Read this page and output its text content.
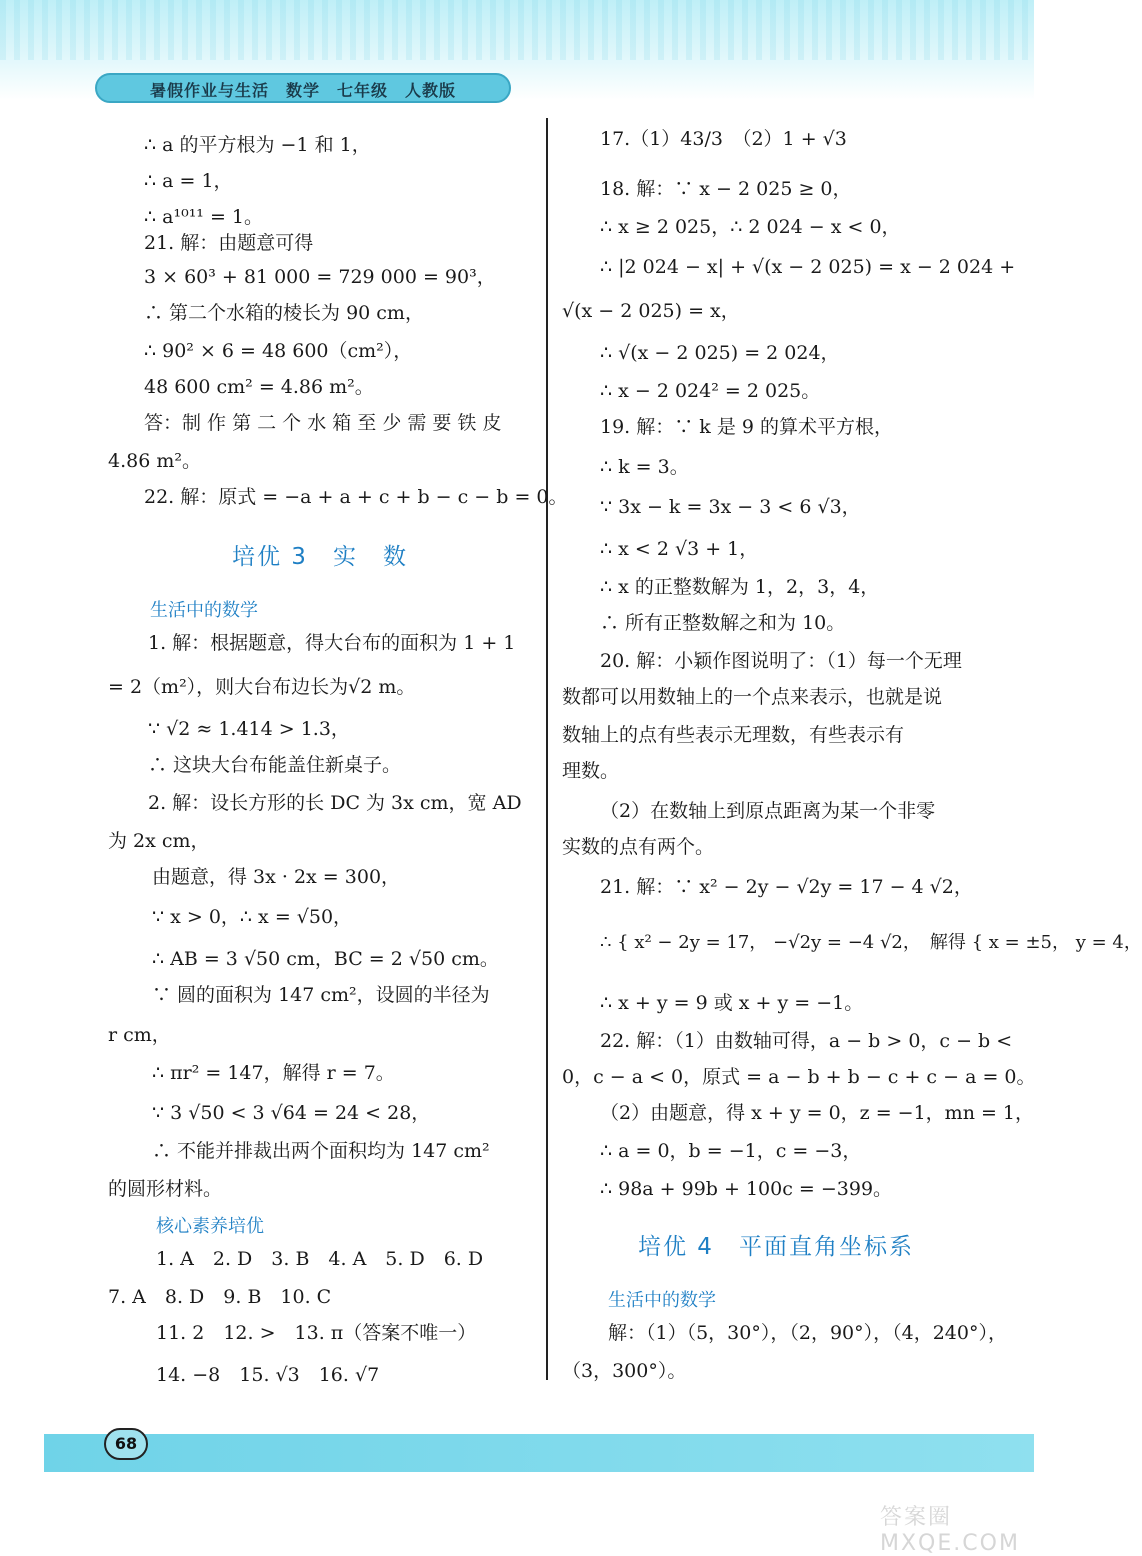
暑假作业与生活　数学　七年级　人教版
∴ a 的平方根为 −1 和 1，
∴ a = 1，
∴ a¹⁰¹¹ = 1。
21. 解：由题意可得
3 × 60³ + 81 000 = 729 000 = 90³，
∴ 第二个水箱的棱长为 90 cm，
∴ 90² × 6 = 48 600（cm²），
48 600 cm² = 4.86 m²。
答：制 作 第 二 个 水 箱 至 少 需 要 铁 皮
4.86 m²。
22. 解：原式 = −a + a + c + b − c − b = 0。
培优 3　实　数
生活中的数学
1. 解：根据题意，得大台布的面积为 1 + 1
= 2（m²），则大台布边长为√2 m。
∵ √2 ≈ 1.414 > 1.3，
∴ 这块大台布能盖住新桌子。
2. 解：设长方形的长 DC 为 3x cm，宽 AD
为 2x cm，
由题意，得 3x · 2x = 300，
∵ x > 0，∴ x = √50，
∴ AB = 3 √50 cm，BC = 2 √50 cm。
∵ 圆的面积为 147 cm²，设圆的半径为
r cm，
∴ πr² = 147，解得 r = 7。
∵ 3 √50 < 3 √64 = 24 < 28，
∴ 不能并排裁出两个面积均为 147 cm²
的圆形材料。
核心素养培优
1. A　2. D　3. B　4. A　5. D　6. D
7. A　8. D　9. B　10. C
11. 2　12. >　13. π（答案不唯一）
14. −8　15. √3　16. √7
17.（1）43/3　（2）1 + √3
18. 解：∵ x − 2 025 ≥ 0，
∴ x ≥ 2 025，∴ 2 024 − x < 0，
∴ |2 024 − x| + √(x − 2 025) = x − 2 024 +
√(x − 2 025) = x，
∴ √(x − 2 025) = 2 024，
∴ x − 2 024² = 2 025。
19. 解：∵ k 是 9 的算术平方根，
∴ k = 3。
∵ 3x − k = 3x − 3 < 6 √3，
∴ x < 2 √3 + 1，
∴ x 的正整数解为 1，2，3，4，
∴ 所有正整数解之和为 10。
20. 解：小颖作图说明了：（1）每一个无理
数都可以用数轴上的一个点来表示，也就是说
数轴上的点有些表示无理数，有些表示有
理数。
（2）在数轴上到原点距离为某一个非零
实数的点有两个。
21. 解：∵ x² − 2y − √2y = 17 − 4 √2，
∴ { x² − 2y = 17， −√2y = −4 √2，　解得 { x = ±5， y = 4，
∴ x + y = 9 或 x + y = −1。
22. 解：（1）由数轴可得，a − b > 0，c − b <
0，c − a < 0，原式 = a − b + b − c + c − a = 0。
（2）由题意，得 x + y = 0，z = −1，mn = 1，
∴ a = 0，b = −1，c = −3，
∴ 98a + 99b + 100c = −399。
培优 4　平面直角坐标系
生活中的数学
解：（1）（5，30°），（2，90°），（4，240°），
（3，300°）。
68
答案圈 MXQE.COM
